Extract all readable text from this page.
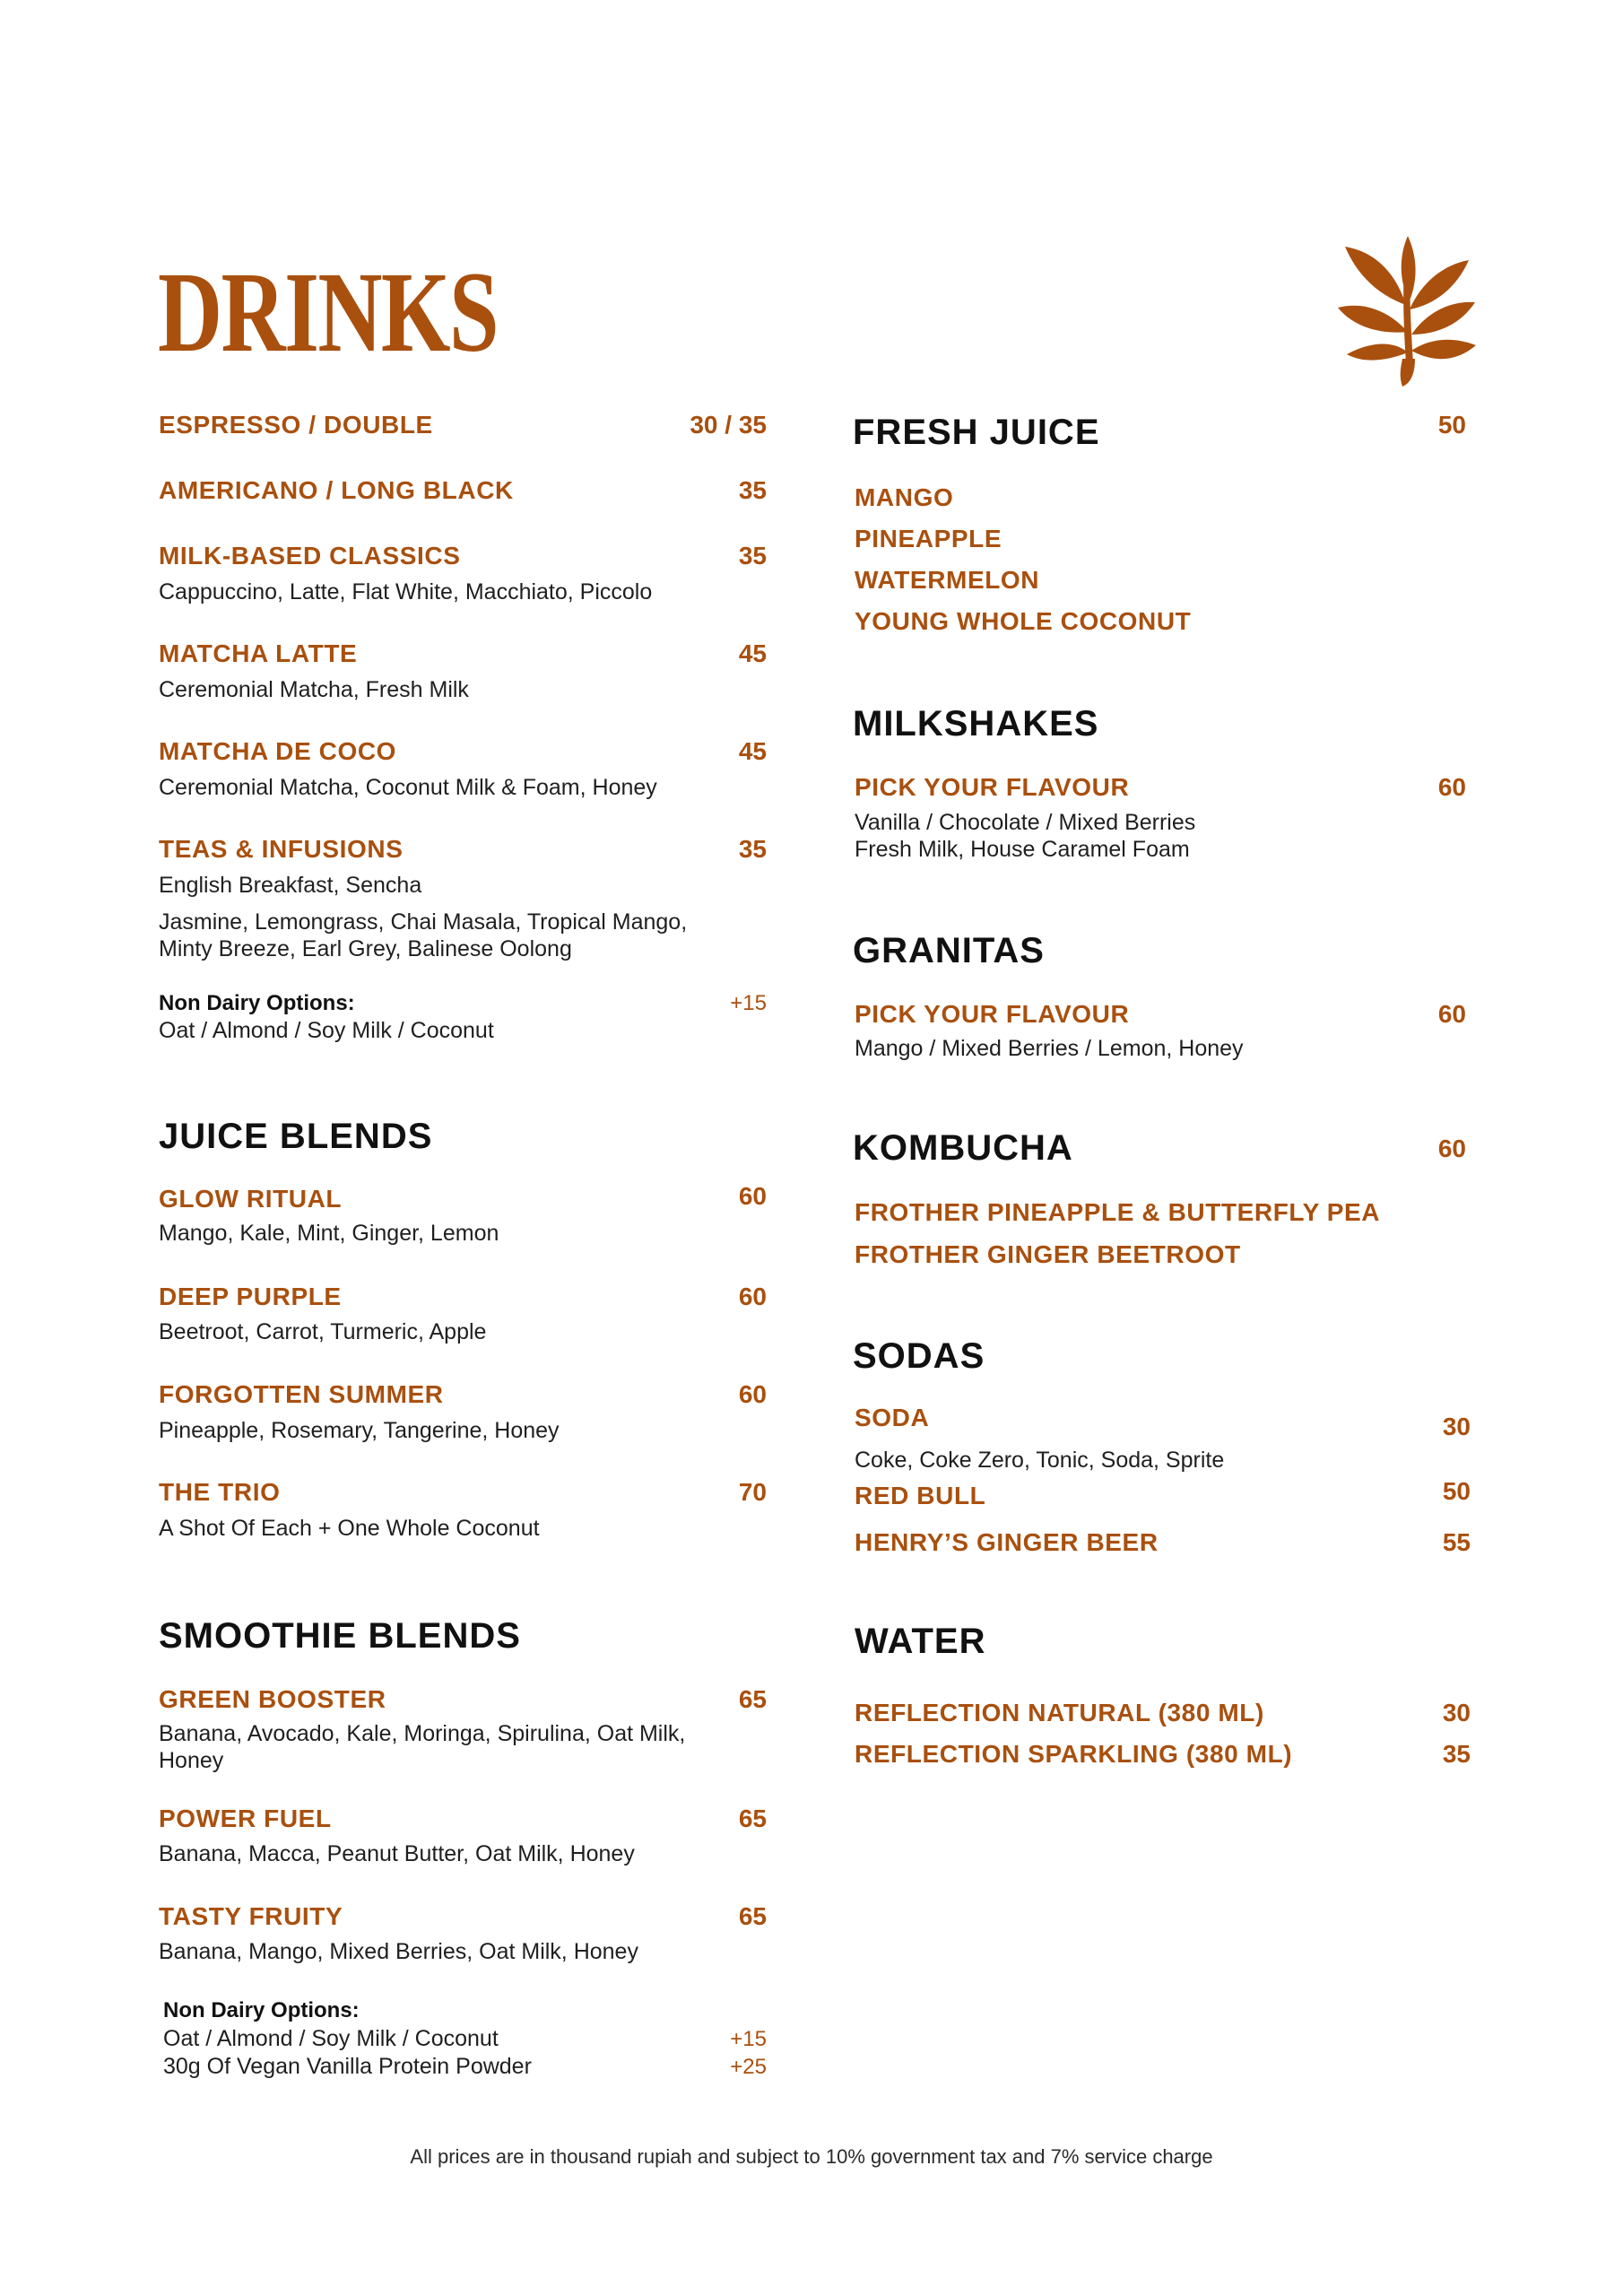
DRINKS
ESPRESSO / DOUBLE	30 / 35
AMERICANO / LONG BLACK	35
MILK-BASED CLASSICS	35
Cappuccino, Latte, Flat White, Macchiato, Piccolo
MATCHA LATTE	45
Ceremonial Matcha, Fresh Milk
MATCHA DE COCO	45
Ceremonial Matcha, Coconut Milk & Foam, Honey
TEAS & INFUSIONS	35
English Breakfast, Sencha
Jasmine, Lemongrass, Chai Masala, Tropical Mango,
Minty Breeze, Earl Grey, Balinese Oolong
Non Dairy Options:	+15
Oat / Almond / Soy Milk / Coconut
JUICE BLENDS
GLOW RITUAL	60
Mango, Kale, Mint, Ginger, Lemon
DEEP PURPLE	60
Beetroot, Carrot, Turmeric, Apple
FORGOTTEN SUMMER	60
Pineapple, Rosemary, Tangerine, Honey
THE TRIO	70
A Shot Of Each + One Whole Coconut
SMOOTHIE BLENDS
GREEN BOOSTER	65
Banana, Avocado, Kale, Moringa, Spirulina, Oat Milk,
Honey
POWER FUEL	65
Banana, Macca, Peanut Butter, Oat Milk, Honey
TASTY FRUITY	65
Banana, Mango, Mixed Berries, Oat Milk, Honey
Non Dairy Options:
Oat / Almond / Soy Milk / Coconut	+15
30g Of Vegan Vanilla Protein Powder	+25
FRESH JUICE	50
MANGO
PINEAPPLE
WATERMELON
YOUNG WHOLE COCONUT
MILKSHAKES
PICK YOUR FLAVOUR	60
Vanilla / Chocolate / Mixed Berries
Fresh Milk, House Caramel Foam
GRANITAS
PICK YOUR FLAVOUR	60
Mango / Mixed Berries / Lemon, Honey
KOMBUCHA	60
FROTHER PINEAPPLE & BUTTERFLY PEA
FROTHER GINGER BEETROOT
SODAS
SODA	30
Coke, Coke Zero, Tonic, Soda, Sprite
RED BULL	50
HENRY’S GINGER BEER	55
WATER
REFLECTION NATURAL (380 ML)	30
REFLECTION SPARKLING (380 ML)	35
All prices are in thousand rupiah and subject to 10% government tax and 7% service charge
